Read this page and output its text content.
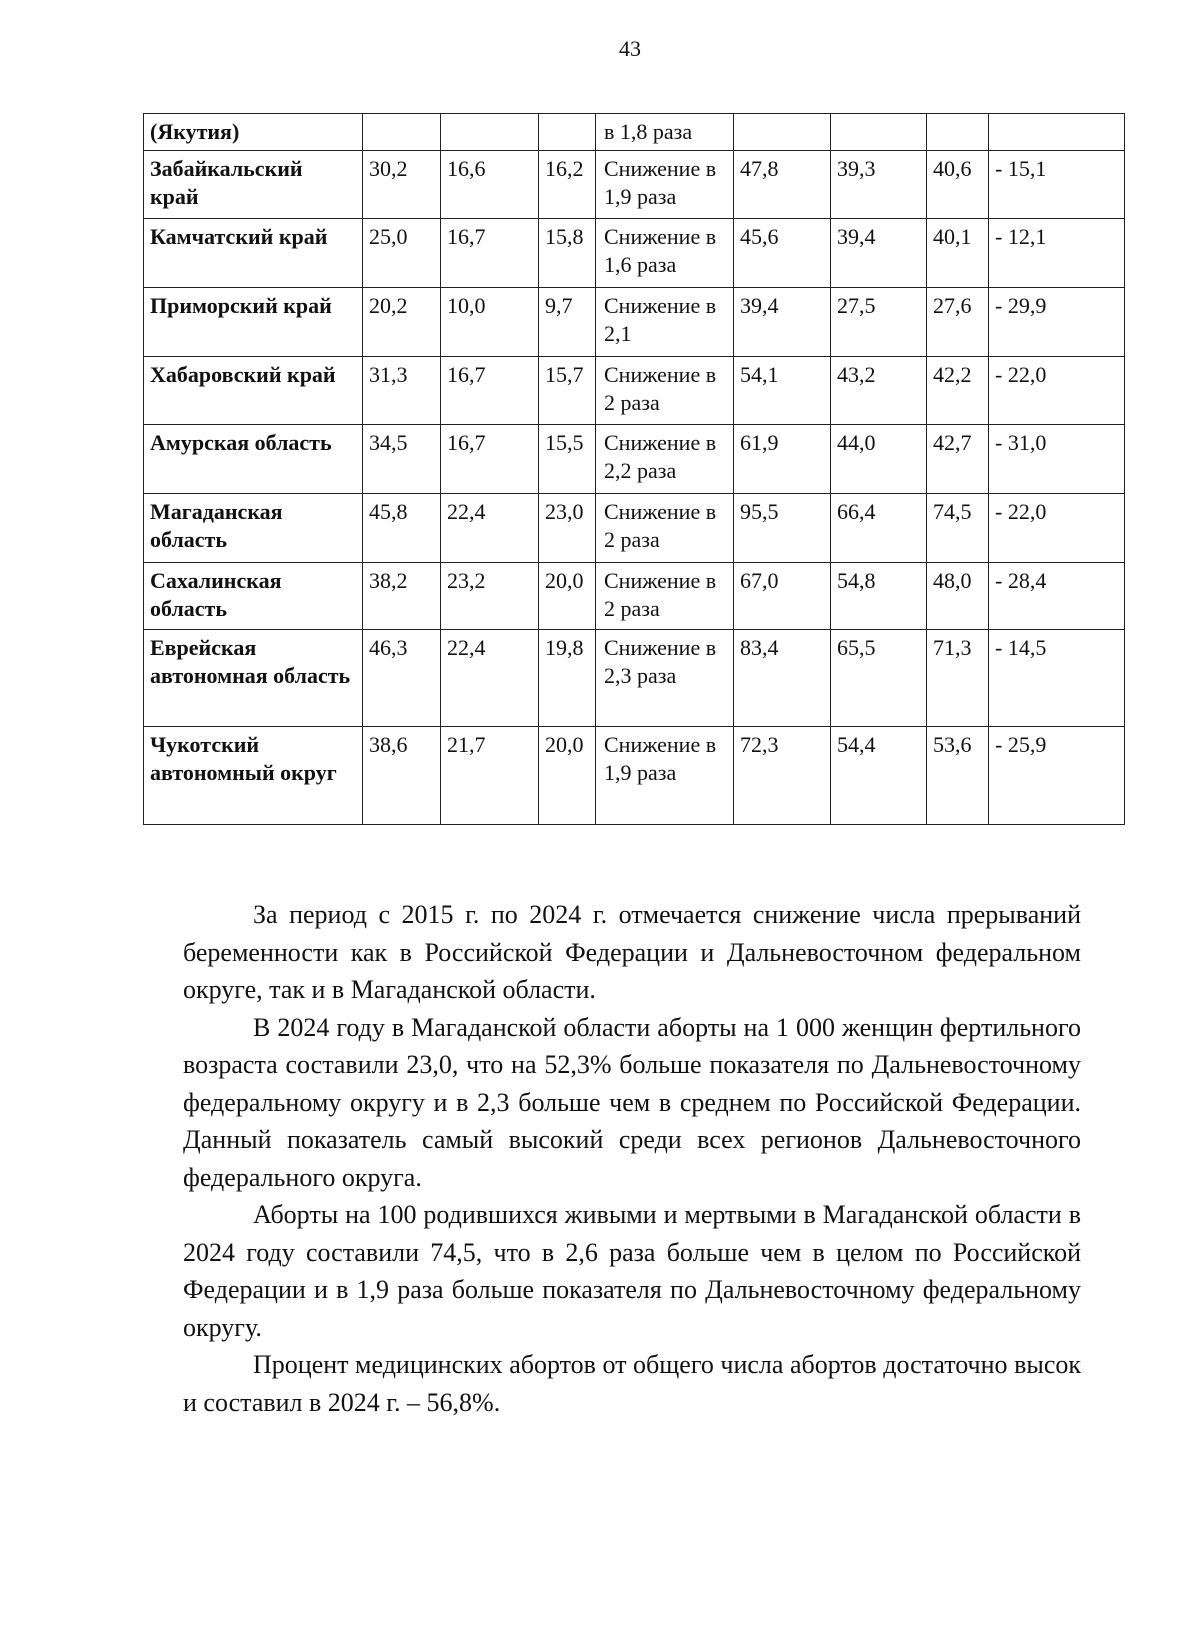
43
(Якутия)				в 1,8 раза				
Забайкальский край	30,2	16,6	16,2	Снижение в 1,9 раза	47,8	39,3	40,6	- 15,1
Камчатский край	25,0	16,7	15,8	Снижение в 1,6 раза	45,6	39,4	40,1	- 12,1
Приморский край	20,2	10,0	9,7	Снижение в 2,1	39,4	27,5	27,6	- 29,9
Хабаровский край	31,3	16,7	15,7	Снижение в 2 раза	54,1	43,2	42,2	- 22,0
Амурская область	34,5	16,7	15,5	Снижение в 2,2 раза	61,9	44,0	42,7	- 31,0
Магаданская область	45,8	22,4	23,0	Снижение в 2 раза	95,5	66,4	74,5	- 22,0
Сахалинская область	38,2	23,2	20,0	Снижение в 2 раза	67,0	54,8	48,0	- 28,4
Еврейская автономная область	46,3	22,4	19,8	Снижение в 2,3 раза	83,4	65,5	71,3	- 14,5
Чукотский автономный округ	38,6	21,7	20,0	Снижение в 1,9 раза	72,3	54,4	53,6	- 25,9

За период с 2015 г. по 2024 г. отмечается снижение числа прерываний беременности как в Российской Федерации и Дальневосточном федеральном округе, так и в Магаданской области.

В 2024 году в Магаданской области аборты на 1 000 женщин фертильного возраста составили 23,0, что на 52,3% больше показателя по Дальневосточному федеральному округу и в 2,3 больше чем в среднем по Российской Федерации. Данный показатель самый высокий среди всех регионов Дальневосточного федерального округа.

Аборты на 100 родившихся живыми и мертвыми в Магаданской области в 2024 году составили 74,5, что в 2,6 раза больше чем в целом по Российской Федерации и в 1,9 раза больше показателя по Дальневосточному федеральному округу.

Процент медицинских абортов от общего числа абортов достаточно высок и составил в 2024 г. – 56,8%.
